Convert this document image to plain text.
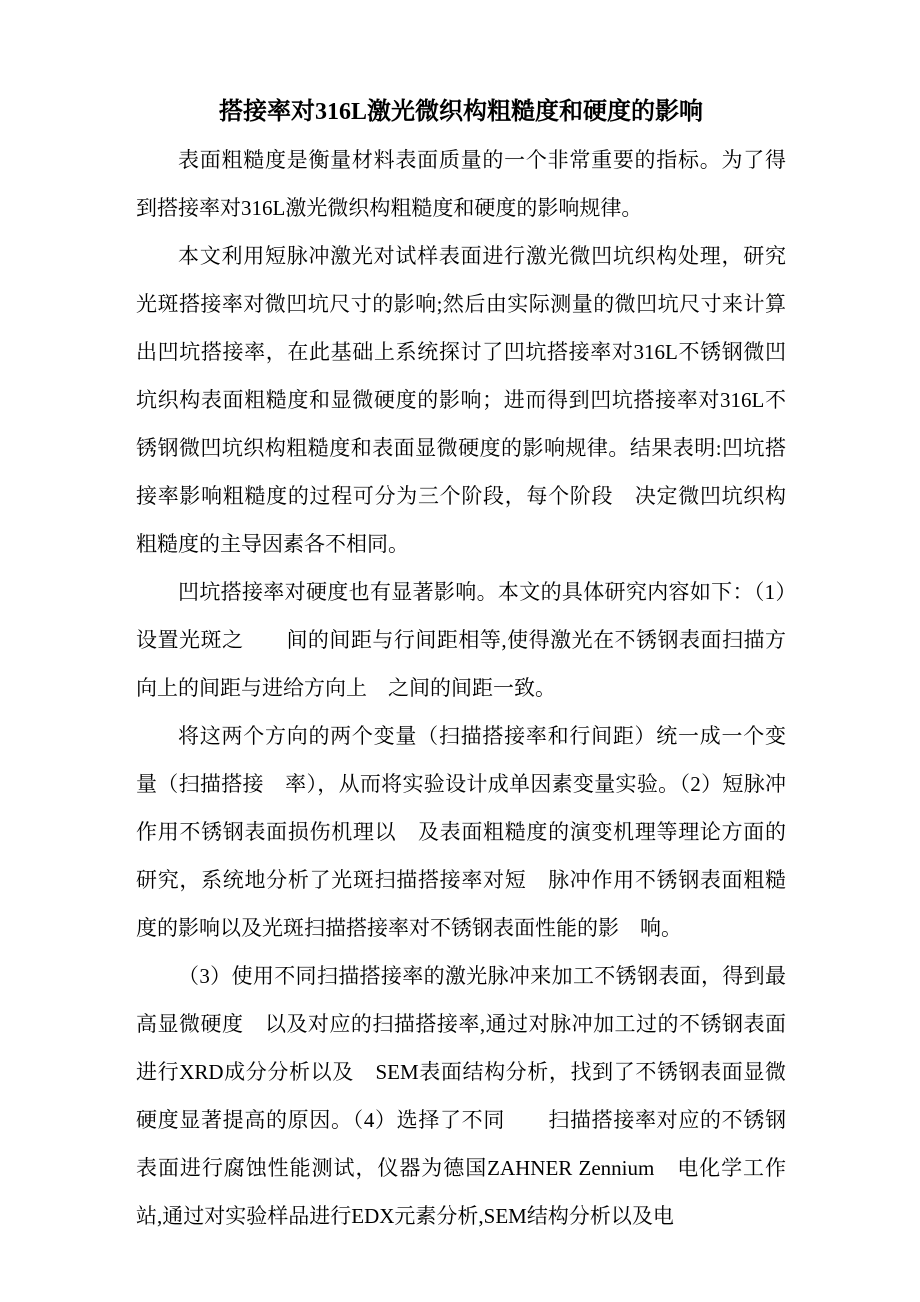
搭接率对316L激光微织构粗糙度和硬度的影响

表面粗糙度是衡量材料表面质量的一个非常重要的指标。为了得到搭接率对316L激光微织构粗糙度和硬度的影响规律。

本文利用短脉冲激光对试样表面进行激光微凹坑织构处理，研究光斑搭接率对微凹坑尺寸的影响;然后由实际测量的微凹坑尺寸来计算出凹坑搭接率，在此基础上系统探讨了凹坑搭接率对316L不锈钢微凹坑织构表面粗糙度和显微硬度的影响；进而得到凹坑搭接率对316L不锈钢微凹坑织构粗糙度和表面显微硬度的影响规律。结果表明:凹坑搭接率影响粗糙度的过程可分为三个阶段，每个阶段　决定微凹坑织构粗糙度的主导因素各不相同。

凹坑搭接率对硬度也有显著影响。本文的具体研究内容如下：（1）设置光斑之　　间的间距与行间距相等,使得激光在不锈钢表面扫描方向上的间距与进给方向上　之间的间距一致。

将这两个方向的两个变量（扫描搭接率和行间距）统一成一个变量（扫描搭接　率），从而将实验设计成单因素变量实验。（2）短脉冲作用不锈钢表面损伤机理以　及表面粗糙度的演变机理等理论方面的研究，系统地分析了光斑扫描搭接率对短　脉冲作用不锈钢表面粗糙度的影响以及光斑扫描搭接率对不锈钢表面性能的影　响。

（3）使用不同扫描搭接率的激光脉冲来加工不锈钢表面，得到最高显微硬度　以及对应的扫描搭接率,通过对脉冲加工过的不锈钢表面进行XRD成分分析以及　SEM表面结构分析，找到了不锈钢表面显微硬度显著提高的原因。（4）选择了不同　　扫描搭接率对应的不锈钢表面进行腐蚀性能测试，仪器为德国ZAHNER Zennium　电化学工作站,通过对实验样品进行EDX元素分析,SEM结构分析以及电
